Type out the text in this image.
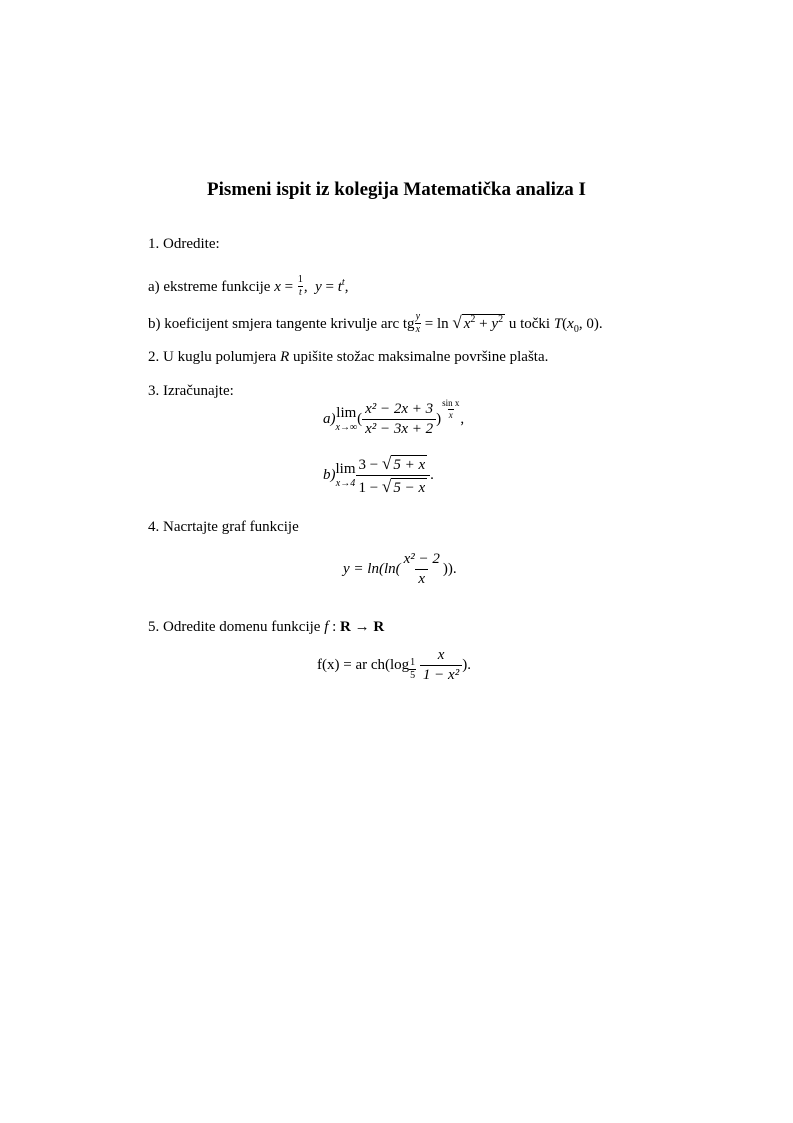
Pismeni ispit iz kolegija Matematička analiza I
1. Odredite:
a) ekstreme funkcije $x = \frac{1}{t}$ ,  $y = t^t$,
b) koeficijent smjera tangente krivulje arc tg $\frac{y}{x} = \ln$ √ $x^2 + y^2$ u točki $T(x_0$, 0).
2. U kuglu polumjera R upišite stožac maksimalne površine plašta.
3. Izračunajte:
a) lim
x→∞
( $\frac{\text{x² − 2x + 3}}{\text{x² − 3x + 2}}$ ) $\frac{\text{sin x}}{x}$ ,
b) lim
$x\to 4 \frac{3 - √ 5 + x}{1 - √ 5 - x}$ .
4. Nacrtajte graf funkcije
$y = \ln(\ln( \frac{\text{x² − 2}}{x}$ )).
5. Odredite domenu funkcije f : R → R
f(x) = ar $ch(\log \frac{1}{5}$
$\frac{x}{\text{1 − x²}}$ ).
